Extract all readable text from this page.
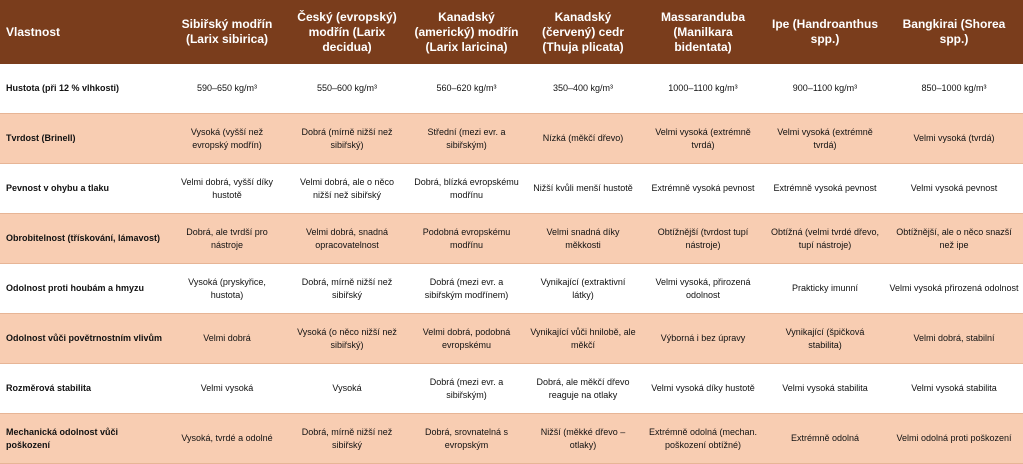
Vlastnost	Sibiřský modřín (Larix sibirica)	Český (evropský) modřín (Larix decidua)	Kanadský (americký) modřín (Larix laricina)	Kanadský (červený) cedr (Thuja plicata)	Massaranduba (Manilkara bidentata)	Ipe (Handroanthus spp.)	Bangkirai (Shorea spp.)
Hustota (při 12 % vlhkosti)	590–650 kg/m³	550–600 kg/m³	560–620 kg/m³	350–400 kg/m³	1000–1100 kg/m³	900–1100 kg/m³	850–1000 kg/m³
Tvrdost (Brinell)	Vysoká (vyšší než evropský modřín)	Dobrá (mírně nižší než sibiřský)	Střední (mezi evr. a sibiřským)	Nízká (měkčí dřevo)	Velmi vysoká (extrémně tvrdá)	Velmi vysoká (extrémně tvrdá)	Velmi vysoká (tvrdá)
Pevnost v ohybu a tlaku	Velmi dobrá, vyšší díky hustotě	Velmi dobrá, ale o něco nižší než sibiřský	Dobrá, blízká evropskému modřínu	Nižší kvůli menší hustotě	Extrémně vysoká pevnost	Extrémně vysoká pevnost	Velmi vysoká pevnost
Obrobitelnost (třískování, lámavost)	Dobrá, ale tvrdší pro nástroje	Velmi dobrá, snadná opracovatelnost	Podobná evropskému modřínu	Velmi snadná díky měkkosti	Obtížnější (tvrdost tupí nástroje)	Obtížná (velmi tvrdé dřevo, tupí nástroje)	Obtížnější, ale o něco snazší než ipe
Odolnost proti houbám a hmyzu	Vysoká (pryskyřice, hustota)	Dobrá, mírně nižší než sibiřský	Dobrá (mezi evr. a sibiřským modřínem)	Vynikající (extraktivní látky)	Velmi vysoká, přirozená odolnost	Prakticky imunní	Velmi vysoká přirozená odolnost
Odolnost vůči povětrnostním vlivům	Velmi dobrá	Vysoká (o něco nižší než sibiřský)	Velmi dobrá, podobná evropskému	Vynikající vůči hnilobě, ale měkčí	Výborná i bez úpravy	Vynikající (špičková stabilita)	Velmi dobrá, stabilní
Rozměrová stabilita	Velmi vysoká	Vysoká	Dobrá (mezi evr. a sibiřským)	Dobrá, ale měkčí dřevo reaguje na otlaky	Velmi vysoká díky hustotě	Velmi vysoká stabilita	Velmi vysoká stabilita
Mechanická odolnost vůči poškození	Vysoká, tvrdé a odolné	Dobrá, mírně nižší než sibiřský	Dobrá, srovnatelná s evropským	Nižší (měkké dřevo – otlaky)	Extrémně odolná (mechan. poškození obtížné)	Extrémně odolná	Velmi odolná proti poškození
